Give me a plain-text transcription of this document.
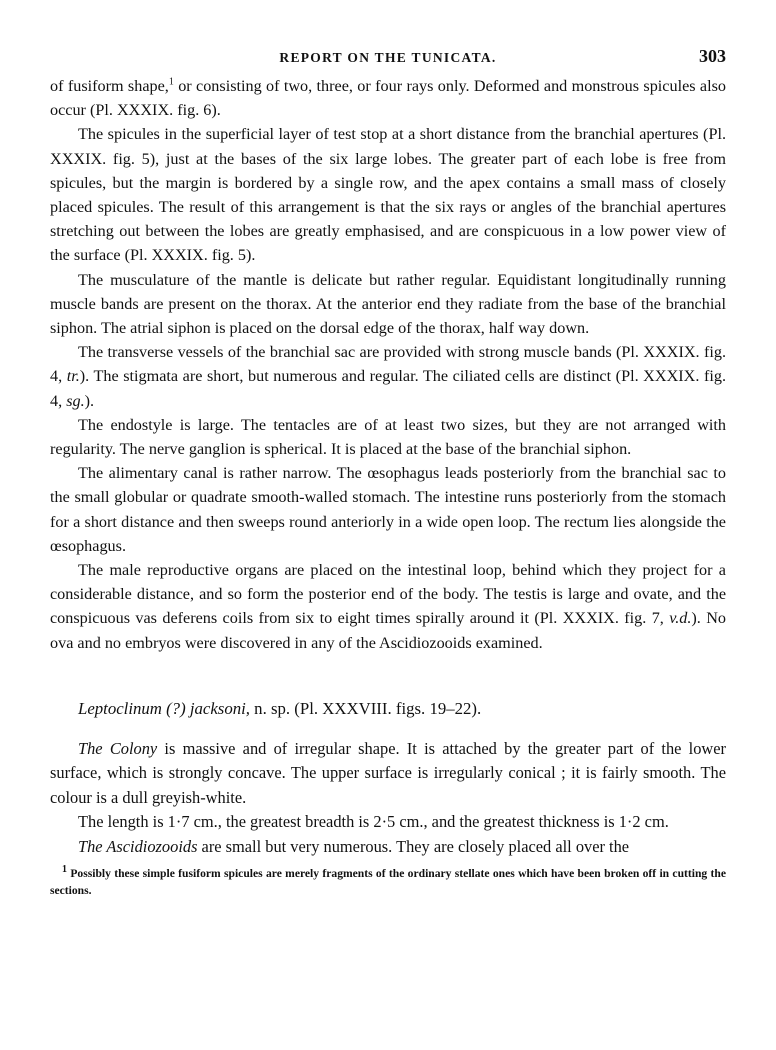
REPORT ON THE TUNICATA.	303

of fusiform shape,$^1$ or consisting of two, three, or four rays only. Deformed and monstrous spicules also occur (Pl. XXXIX. fig. 6).

The spicules in the superficial layer of test stop at a short distance from the branchial apertures (Pl. XXXIX. fig. 5), just at the bases of the six large lobes. The greater part of each lobe is free from spicules, but the margin is bordered by a single row, and the apex contains a small mass of closely placed spicules. The result of this arrangement is that the six rays or angles of the branchial apertures stretching out between the lobes are greatly emphasised, and are conspicuous in a low power view of the surface (Pl. XXXIX. fig. 5).

The musculature of the mantle is delicate but rather regular. Equidistant longitudinally running muscle bands are present on the thorax. At the anterior end they radiate from the base of the branchial siphon. The atrial siphon is placed on the dorsal edge of the thorax, half way down.

The transverse vessels of the branchial sac are provided with strong muscle bands (Pl. XXXIX. fig. 4, tr.). The stigmata are short, but numerous and regular. The ciliated cells are distinct (Pl. XXXIX. fig. 4, sg.).

The endostyle is large. The tentacles are of at least two sizes, but they are not arranged with regularity. The nerve ganglion is spherical. It is placed at the base of the branchial siphon.

The alimentary canal is rather narrow. The œsophagus leads posteriorly from the branchial sac to the small globular or quadrate smooth-walled stomach. The intestine runs posteriorly from the stomach for a short distance and then sweeps round anteriorly in a wide open loop. The rectum lies alongside the œsophagus.

The male reproductive organs are placed on the intestinal loop, behind which they project for a considerable distance, and so form the posterior end of the body. The testis is large and ovate, and the conspicuous vas deferens coils from six to eight times spirally around it (Pl. XXXIX. fig. 7, v.d.). No ova and no embryos were discovered in any of the Ascidiozooids examined.

Leptoclinum (?) jacksoni, n. sp. (Pl. XXXVIII. figs. 19–22).

The Colony is massive and of irregular shape. It is attached by the greater part of the lower surface, which is strongly concave. The upper surface is irregularly conical ; it is fairly smooth. The colour is a dull greyish-white.

The length is 1·7 cm., the greatest breadth is 2·5 cm., and the greatest thickness is 1·2 cm.

The Ascidiozooids are small but very numerous. They are closely placed all over the

$^1$ Possibly these simple fusiform spicules are merely fragments of the ordinary stellate ones which have been broken off in cutting the sections.
